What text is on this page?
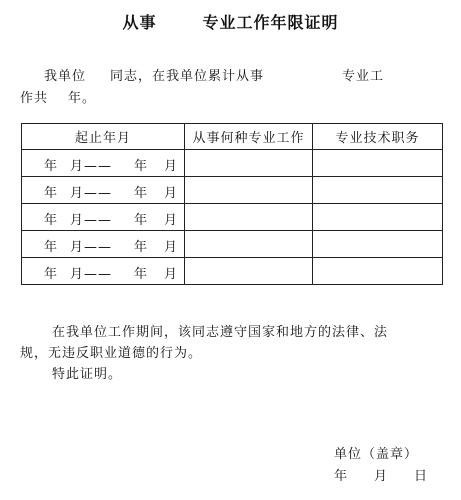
从事	专业工作年限证明

我单位 同志，在我单位累计从事	专业工

作共 年。

起止年月	从事何种专业工作	专业技术职务

年 月—— 年 月		

年 月—— 年 月		

年 月—— 年 月		

年 月—— 年 月		

年 月—— 年 月		

在我单位工作期间，该同志遵守国家和地方的法律、法

规，无违反职业道德的行为。

特此证明。

单位（盖章）

年 月 日
